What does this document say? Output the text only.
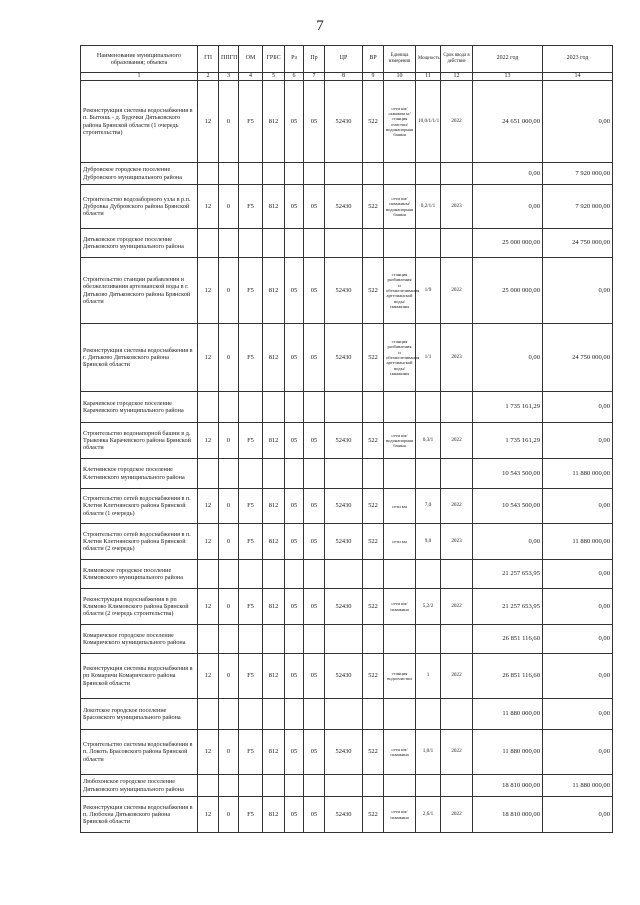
7
Наименование муниципального образования; объекта	ГП	ППГП	ОМ	ГРБС	Рз	Пр	ЦР	ВР	Единица измерения	Мощность	Срок ввода в действие	2022 год	2023 год
1	2	3	4	5	6	7	8	9	10	11	12	13	14
Реконструкция системы водоснабжения в п. Бытошь - д. Будочки Дятьковского района Брянской области (1 очередь строительства)	12	0	F5	812	05	05	52430	522	сети км/скважин ы/станция очистки/ водонапорная башня	10,0/1/1/1	2022	24 651 000,00	0,00
Дубровское городское поселение Дубровского муниципального района												0,00	7 920 000,00
Строительство водозаборного узла в р.п. Дубровка Дубровского района Брянской области	12	0	F5	812	05	05	52430	522	сети км/скважины/водонапорная башня	0,2/1/1	2023	0,00	7 920 000,00
Дятьковское городское поселение Дятьковского муниципального района												25 000 000,00	24 750 000,00
Строительство станции разбавления и обезжелезивания артезианской воды в г. Дятьково Дятьковского района Брянской области	12	0	F5	812	05	05	52430	522	станция разбавления и обезжелезивания артезианской воды/скважины	1/9	2022	25 000 000,00	0,00
Реконструкция системы водоснабжения в г. Дятьково Дятьковского района Брянской области	12	0	F5	812	05	05	52430	522	станция разбавления и обезжелезивания артезианской воды/скважины	1/1	2023	0,00	24 750 000,00
Карачевское городское поселение Карачевского муниципального района												1 735 161,29	0,00
Строительство водонапорной башни в д. Трыковка Карачевского района Брянской области	12	0	F5	812	05	05	52430	522	сети км/водонапорная башня	0,3/1	2022	1 735 161,29	0,00
Клетнянское городское поселение Клетнянского муниципального района												10 543 500,00	11 880 000,00
Строительство сетей водоснабжения в п. Клетня Клетнянского района Брянской области (1 очередь)	12	0	F5	812	05	05	52430	522	сети км	7,0	2022	10 543 500,00	0,00
Строительство сетей водоснабжения в п. Клетня Клетнянского района Брянской области (2 очередь)	12	0	F5	812	05	05	52430	522	сети км	9,0	2023	0,00	11 880 000,00
Климовское городское поселение Климовского муниципального района												21 257 653,95	0,00
Реконструкция водоснабжения в рп Климово Климовского района Брянской области (2 очередь строительства)	12	0	F5	812	05	05	52430	522	сети км/скважина	5,2/2	2022	21 257 653,95	0,00
Комаричское городское поселение Комаричского муниципального района												26 851 116,60	0,00
Реконструкция системы водоснабжения в рп Комаричи Комаричского района Брянской области	12	0	F5	812	05	05	52430	522	станция водоочистки	1	2022	26 851 116,60	0,00
Локотское городское поселение Брасовского муниципального района												11 880 000,00	0,00
Строительство системы водоснабжения в п. Локоть Брасовского района Брянской области	12	0	F5	812	05	05	52430	522	сети км/скважина	1,0/1	2022	11 880 000,00	0,00
Любохонское городское поселение Дятьковского муниципального района												18 810 000,00	11 880 000,00
Реконструкция системы водоснабжения в п. Любохна Дятьковского района Брянской области	12	0	F5	812	05	05	52430	522	сети км/скважина	2,6/1	2022	18 810 000,00	0,00
